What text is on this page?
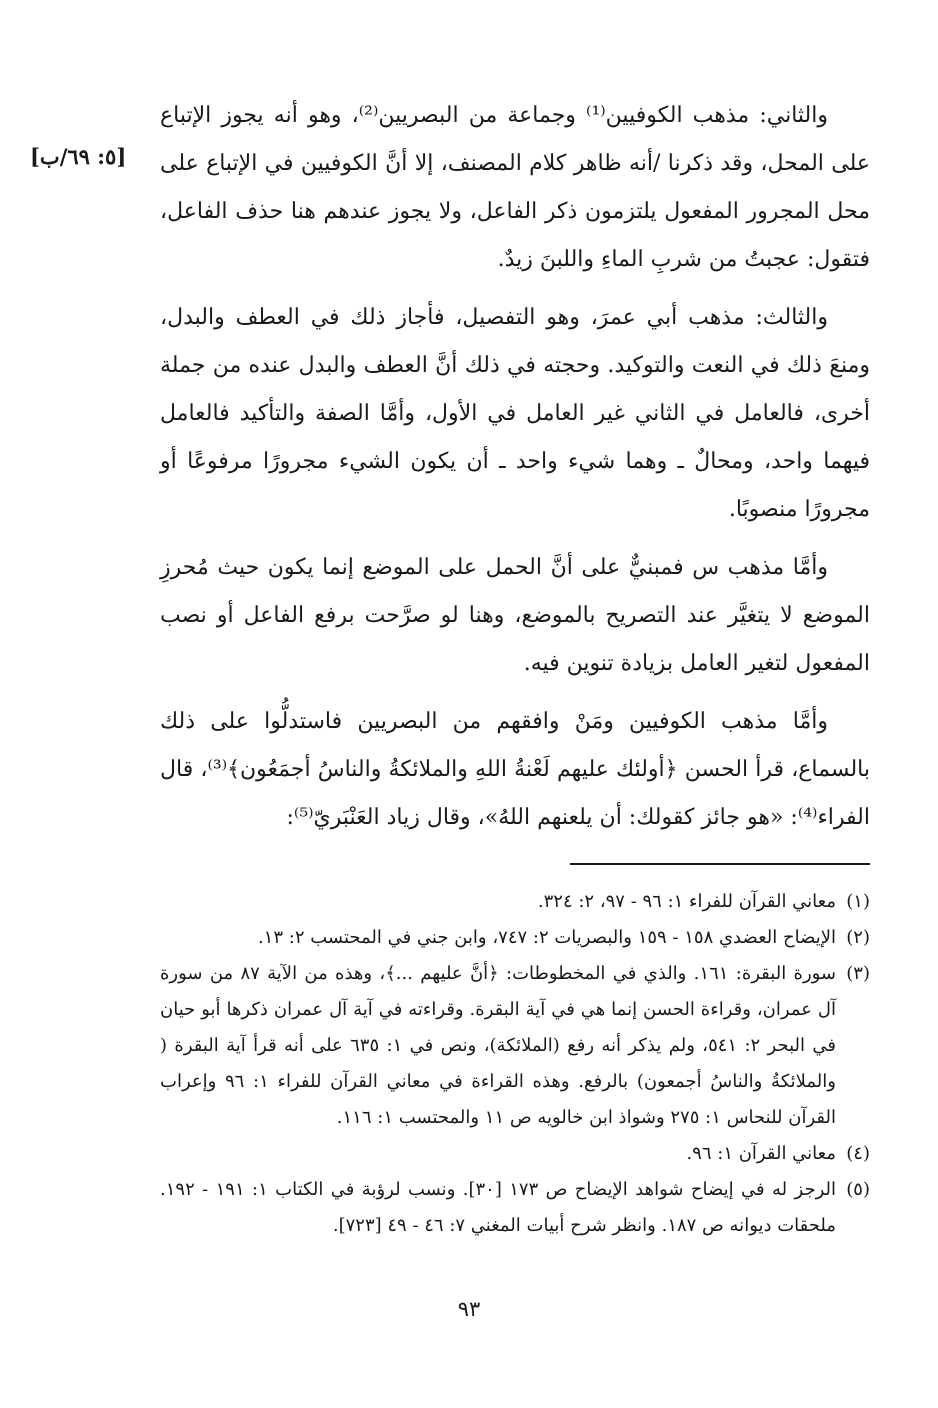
[٥: ٦٩/ب]

والثاني: مذهب الكوفيين⁽¹⁾ وجماعة من البصريين⁽²⁾، وهو أنه يجوز الإتباع على المحل، وقد ذكرنا /أنه ظاهر كلام المصنف، إلا أنَّ الكوفيين في الإتباع على محل المجرور المفعول يلتزمون ذكر الفاعل، ولا يجوز عندهم هنا حذف الفاعل، فتقول: عجبتُ من شربِ الماءِ واللبنَ زيدٌ.

والثالث: مذهب أبي عمرَ، وهو التفصيل، فأجاز ذلك في العطف والبدل، ومنعَ ذلك في النعت والتوكيد. وحجته في ذلك أنَّ العطف والبدل عنده من جملة أخرى، فالعامل في الثاني غير العامل في الأول، وأمَّا الصفة والتأكيد فالعامل فيهما واحد، ومحالٌ ـ وهما شيء واحد ـ أن يكون الشيء مجرورًا مرفوعًا أو مجرورًا منصوبًا.

وأمَّا مذهب س فمبنيٌّ على أنَّ الحمل على الموضع إنما يكون حيث مُحرزِ الموضع لا يتغيَّر عند التصريح بالموضع، وهنا لو صرَّحت برفع الفاعل أو نصب المفعول لتغير العامل بزيادة تنوين فيه.

وأمَّا مذهب الكوفيين ومَنْ وافقهم من البصريين فاستدلُّوا على ذلك بالسماع، قرأ الحسن ﴿أولئك عليهم لَعْنةُ اللهِ والملائكةُ والناسُ أجمَعُون﴾⁽³⁾، قال الفراء⁽⁴⁾: «هو جائز كقولك: أن يلعنهم اللهُ»، وقال زياد العَنْبَريّ⁽⁵⁾:

(١)
معاني القرآن للفراء ١: ٩٦ - ٩٧، ٢: ٣٢٤.
(٢)
الإيضاح العضدي ١٥٨ - ١٥٩ والبصريات ٢: ٧٤٧، وابن جني في المحتسب ٢: ١٣.
(٣)
سورة البقرة: ١٦١. والذي في المخطوطات: ﴿أنَّ عليهم ...﴾، وهذه من الآية ٨٧ من سورة آل عمران، وقراءة الحسن إنما هي في آية البقرة. وقراءته في آية آل عمران ذكرها أبو حيان في البحر ٢: ٥٤١، ولم يذكر أنه رفع (الملائكة)، ونص في ١: ٦٣٥ على أنه قرأ آية البقرة ( والملائكةُ والناسُ أجمعون) بالرفع. وهذه القراءة في معاني القرآن للفراء ١: ٩٦ وإعراب القرآن للنحاس ١: ٢٧٥ وشواذ ابن خالويه ص ١١ والمحتسب ١: ١١٦.
(٤)
معاني القرآن ١: ٩٦.
(٥)
الرجز له في إيضاح شواهد الإيضاح ص ١٧٣ [٣٠]. ونسب لرؤبة في الكتاب ١: ١٩١ - ١٩٢. ملحقات ديوانه ص ١٨٧. وانظر شرح أبيات المغني ٧: ٤٦ - ٤٩ [٧٢٣].
٩٣
